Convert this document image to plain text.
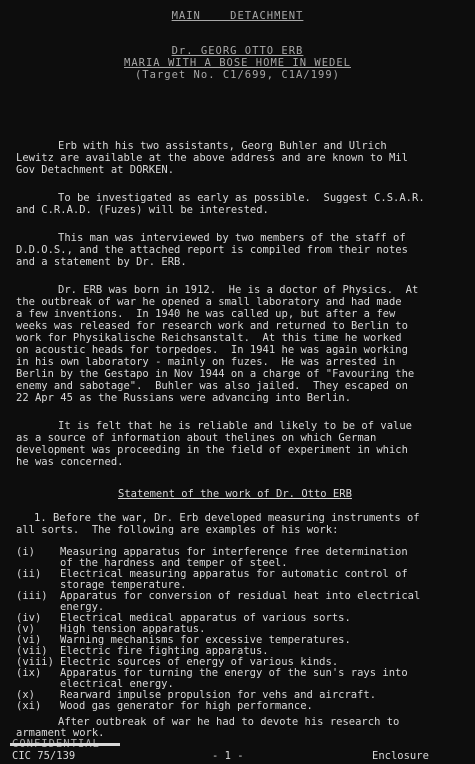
MAIN    DETACHMENT
Dr. GEORG OTTO ERB
MARIA WITH A BOSE HOME IN WEDEL
(Target No. C1/699, C1A/199)
Erb with his two assistants, Georg Buhler and Ulrich
Lewitz are available at the above address and are known to Mil
Gov Detachment at DORKEN.
To be investigated as early as possible.  Suggest C.S.A.R.
and C.R.A.D. (Fuzes) will be interested.
This man was interviewed by two members of the staff of
D.D.O.S., and the attached report is compiled from their notes
and a statement by Dr. ERB.
Dr. ERB was born in 1912.  He is a doctor of Physics.  At
the outbreak of war he opened a small laboratory and had made
a few inventions.  In 1940 he was called up, but after a few
weeks was released for research work and returned to Berlin to
work for Physikalische Reichsanstalt.  At this time he worked
on acoustic heads for torpedoes.  In 1941 he was again working
in his own laboratory - mainly on fuzes.  He was arrested in
Berlin by the Gestapo in Nov 1944 on a charge of "Favouring the
enemy and sabotage".  Buhler was also jailed.  They escaped on
22 Apr 45 as the Russians were advancing into Berlin.
It is felt that he is reliable and likely to be of value
as a source of information about thelines on which German
development was proceeding in the field of experiment in which
he was concerned.
Statement of the work of Dr. Otto ERB
1. Before the war, Dr. Erb developed measuring instruments of
all sorts.  The following are examples of his work:
(i)	Measuring apparatus for interference free determination
of the hardness and temper of steel.
(ii)	Electrical measuring apparatus for automatic control of
storage temperature.
(iii)	Apparatus for conversion of residual heat into electrical
energy.
(iv)	Electrical medical apparatus of various sorts.
(v)	High tension apparatus.
(vi)	Warning mechanisms for excessive temperatures.
(vii)	Electric fire fighting apparatus.
(viii) Electric sources of energy of various kinds.
(ix)	Apparatus for turning the energy of the sun's rays into
electrical energy.
(x)	Rearward impulse propulsion for vehs and aircraft.
(xi)	Wood gas generator for high performance.
After outbreak of war he had to devote his research to
armament work.
CIC 75/139	- 1 -	Enclosure
